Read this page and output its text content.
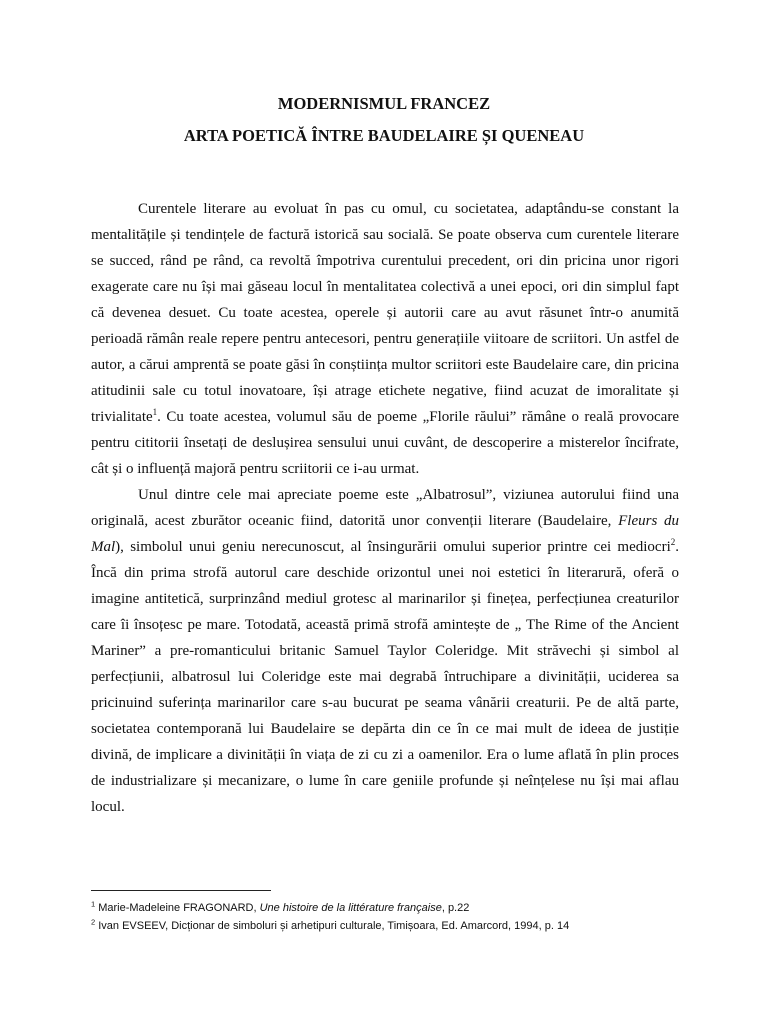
MODERNISMUL FRANCEZ
ARTA POETICĂ ÎNTRE BAUDELAIRE ȘI QUENEAU

Curentele literare au evoluat în pas cu omul, cu societatea, adaptându-se constant la mentalitățile și tendințele de factură istorică sau socială. Se poate observa cum curentele literare se succed, rând pe rând, ca revoltă împotriva curentului precedent, ori din pricina unor rigori exagerate care nu își mai găseau locul în mentalitatea colectivă a unei epoci, ori din simplul fapt că devenea desuet. Cu toate acestea, operele și autorii care au avut răsunet într-o anumită perioadă rămân reale repere pentru antecesori, pentru generațiile viitoare de scriitori. Un astfel de autor, a cărui amprentă se poate găsi în conștiința multor scriitori este Baudelaire care, din pricina atitudinii sale cu totul inovatoare, își atrage etichete negative, fiind acuzat de imoralitate și trivialitate$^1$. Cu toate acestea, volumul său de poeme „Florile răului” rămâne o reală provocare pentru cititorii însetați de deslușirea sensului unui cuvânt, de descoperire a misterelor încifrate, cât și o influență majoră pentru scriitorii ce i-au urmat.

Unul dintre cele mai apreciate poeme este „Albatrosul”, viziunea autorului fiind una originală, acest zburător oceanic fiind, datorită unor convenții literare (Baudelaire, Fleurs du Mal), simbolul unui geniu nerecunoscut, al însingurării omului superior printre cei mediocri$^2$. Încă din prima strofă autorul care deschide orizontul unei noi estetici în literarură, oferă o imagine antitetică, surprinzând mediul grotesc al marinarilor și finețea, perfecțiunea creaturilor care îi însoțesc pe mare. Totodată, această primă strofă amintește de „ The Rime of the Ancient Mariner” a pre-romanticului britanic Samuel Taylor Coleridge. Mit străvechi și simbol al perfecțiunii, albatrosul lui Coleridge este mai degrabă întruchipare a divinității, uciderea sa pricinuind suferința marinarilor care s-au bucurat pe seama vânării creaturii. Pe de altă parte, societatea contemporană lui Baudelaire se depărta din ce în ce mai mult de ideea de justiție divină, de implicare a divinității în viața de zi cu zi a oamenilor. Era o lume aflată în plin proces de industrializare și mecanizare, o lume în care geniile profunde și neînțelese nu își mai aflau locul.

$^1$ Marie-Madeleine FRAGONARD, Une histoire de la littérature française, p.22
$^2$ Ivan EVSEEV, Dicționar de simboluri și arhetipuri culturale, Timișoara, Ed. Amarcord, 1994, p. 14
